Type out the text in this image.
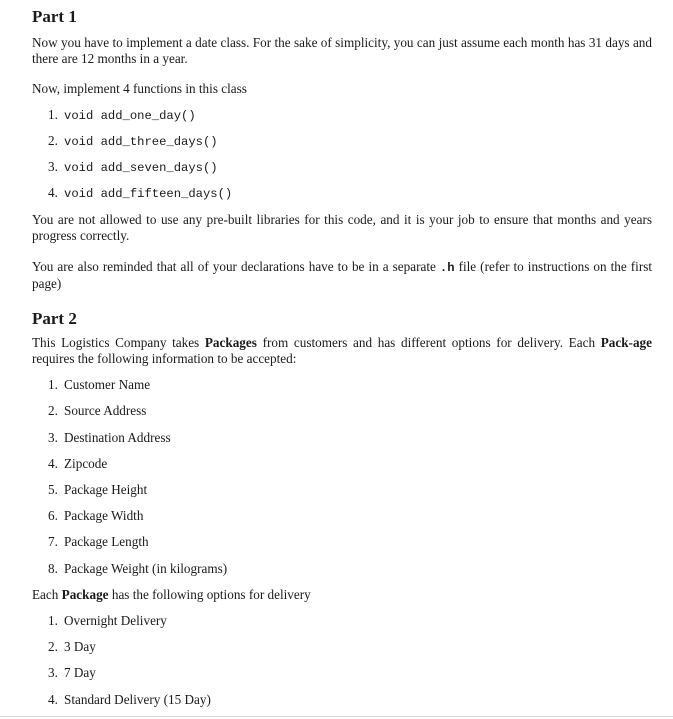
Part 1

Now you have to implement a date class. For the sake of simplicity, you can just assume each month has 31 days and there are 12 months in a year.

Now, implement 4 functions in this class

1. void add_one_day()
2. void add_three_days()
3. void add_seven_days()
4. void add_fifteen_days()

You are not allowed to use any pre-built libraries for this code, and it is your job to ensure that months and years progress correctly.

You are also reminded that all of your declarations have to be in a separate .h file (refer to instructions on the first page)

Part 2

This Logistics Company takes Packages from customers and has different options for delivery. Each Pack-age requires the following information to be accepted:

1. Customer Name
2. Source Address
3. Destination Address
4. Zipcode
5. Package Height
6. Package Width
7. Package Length
8. Package Weight (in kilograms)

Each Package has the following options for delivery

1. Overnight Delivery
2. 3 Day
3. 7 Day
4. Standard Delivery (15 Day)
